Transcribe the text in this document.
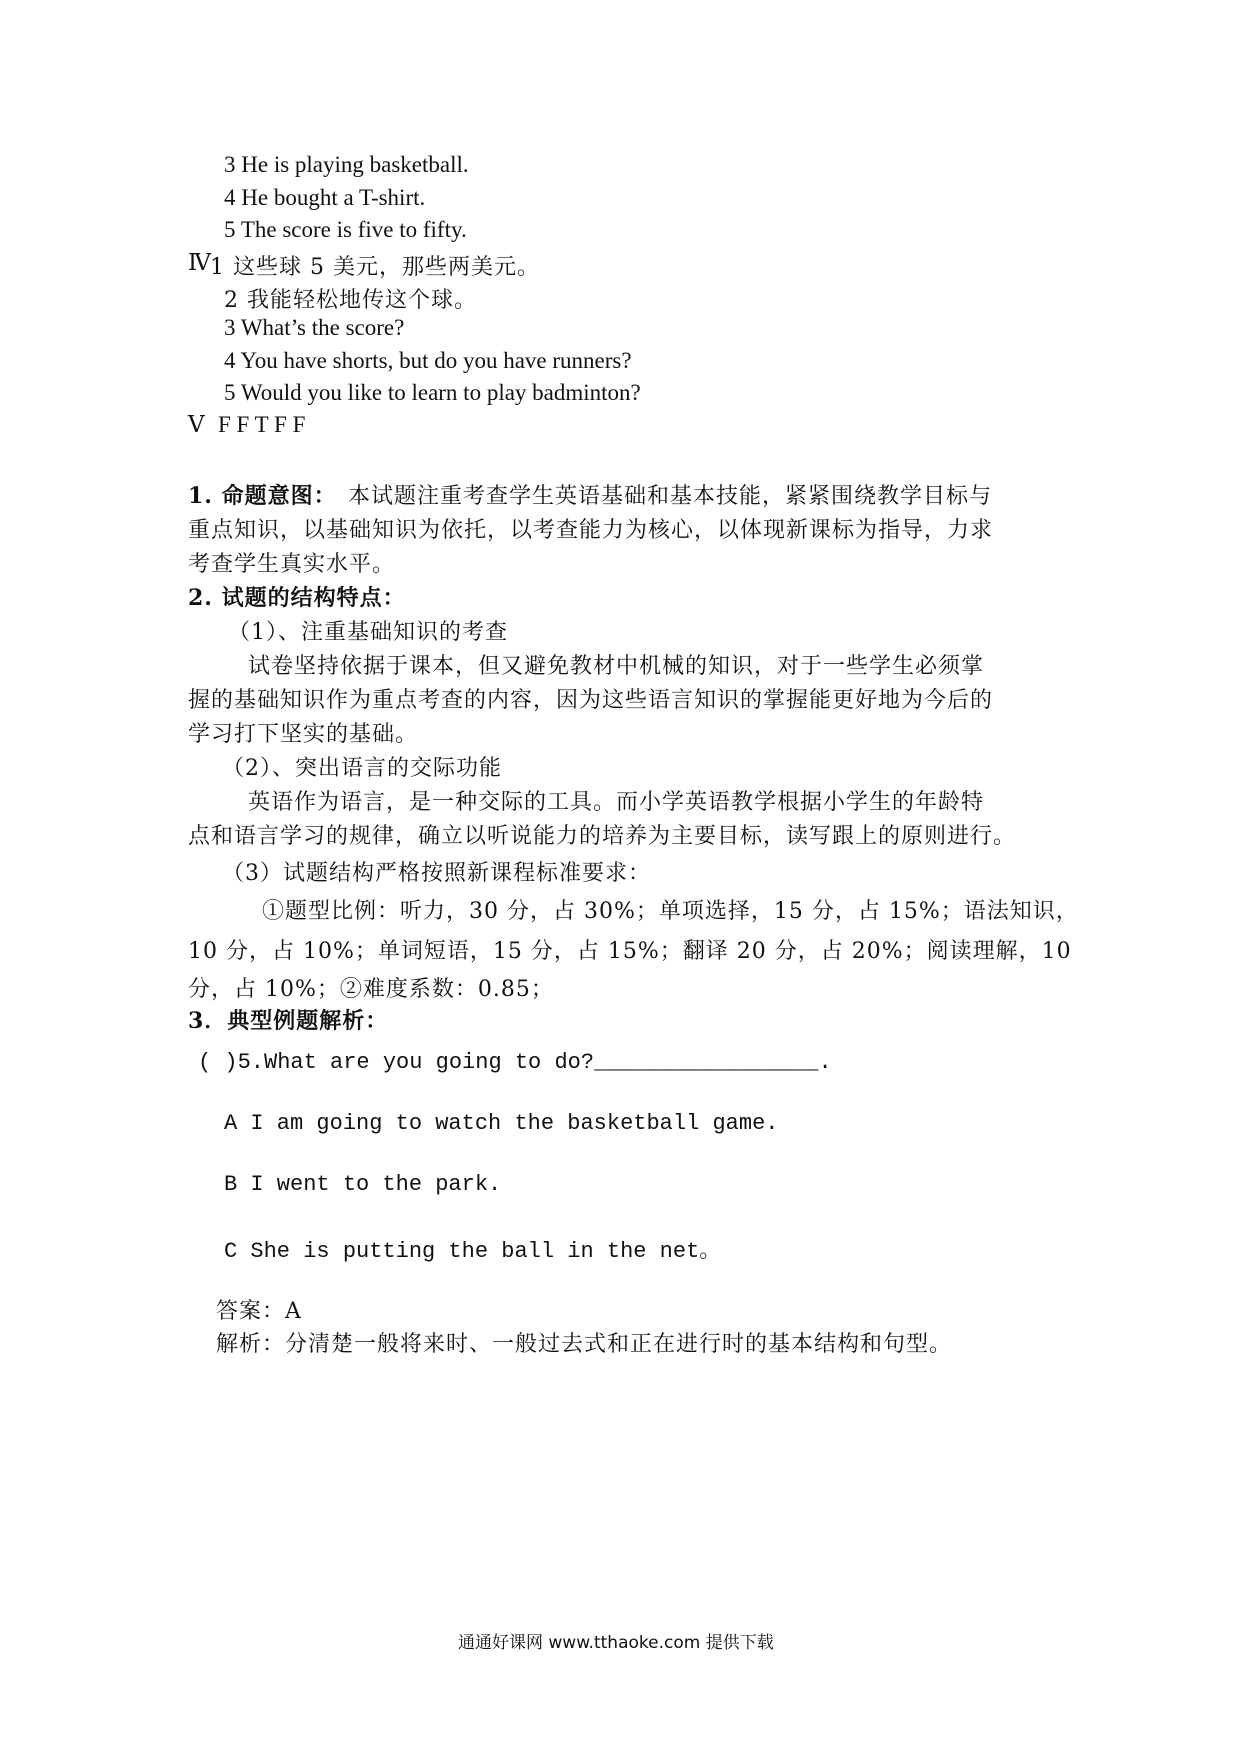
3 He is playing basketball.
4 He bought a T-shirt.
5 The score is five to fifty.
Ⅳ 1 这些球 5 美元，那些两美元。
2 我能轻松地传这个球。
3 What’s the score?
4 You have shorts, but do you have runners?
5 Would you like to learn to play badminton?
Ⅴ F F T F F
1. 命题意图： 本试题注重考查学生英语基础和基本技能，紧紧围绕教学目标与
重点知识，以基础知识为依托，以考查能力为核心，以体现新课标为指导，力求
考查学生真实水平。
2. 试题的结构特点：
（1）、注重基础知识的考查
试卷坚持依据于课本，但又避免教材中机械的知识，对于一些学生必须掌
握的基础知识作为重点考查的内容，因为这些语言知识的掌握能更好地为今后的
学习打下坚实的基础。
（2）、突出语言的交际功能
英语作为语言，是一种交际的工具。而小学英语教学根据小学生的年龄特
点和语言学习的规律，确立以听说能力的培养为主要目标，读写跟上的原则进行。
（3）试题结构严格按照新课程标准要求：
①题型比例：听力，30 分，占 30%；单项选择，15 分，占 15%；语法知识，
10 分，占 10%；单词短语，15 分，占 15%；翻译 20 分，占 20%；阅读理解，10
分，占 10%；②难度系数：0.85；
3．典型例题解析：
( )5.What are you going to do?_________________.
A I am going to watch the basketball game.
B I went to the park.
C She is putting the ball in the net。
答案：A
解析：分清楚一般将来时、一般过去式和正在进行时的基本结构和句型。
通通好课网 www.tthaoke.com 提供下载
